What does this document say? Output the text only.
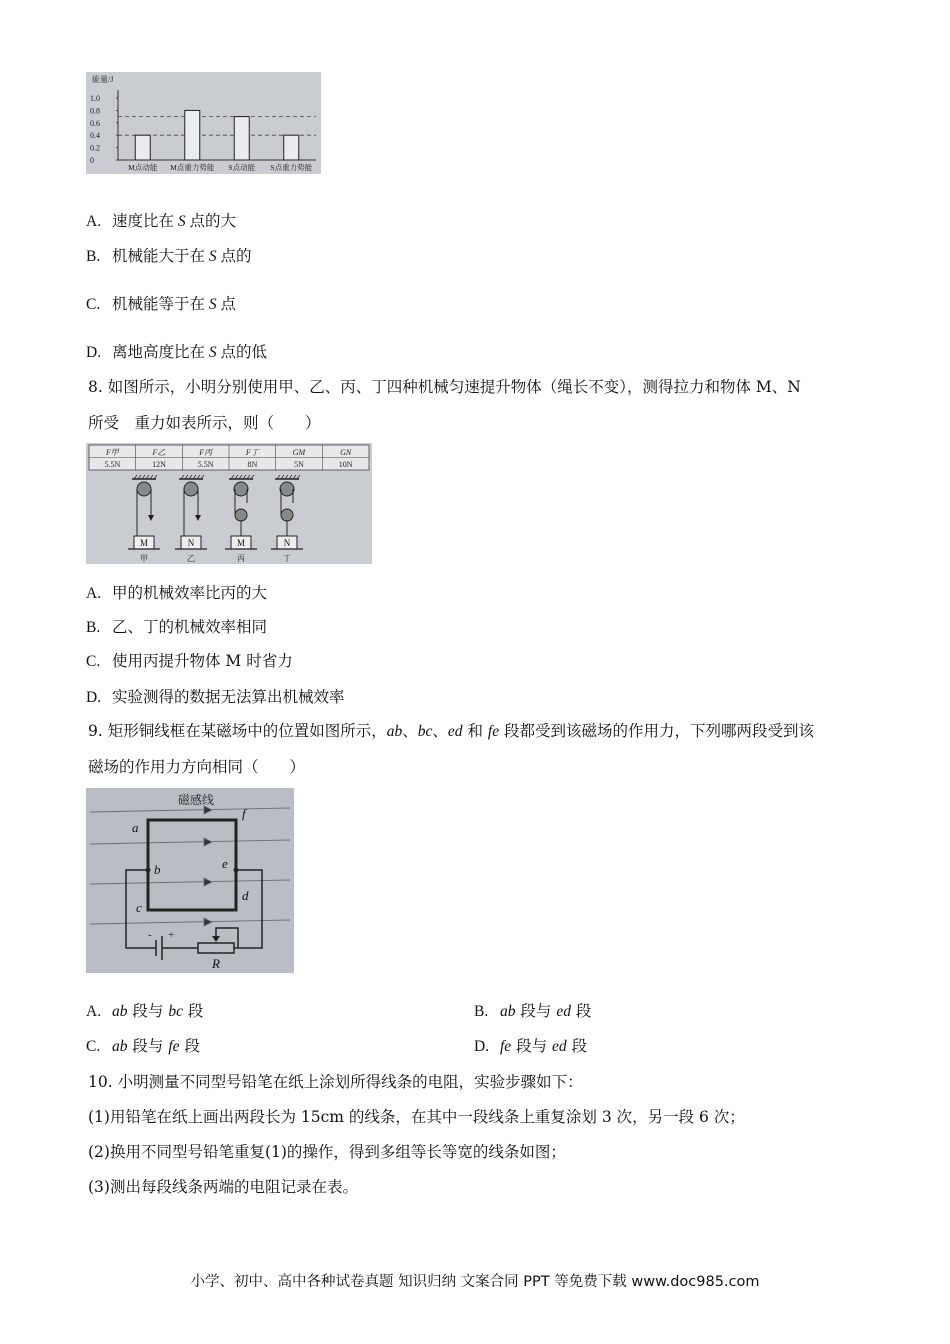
能量/J
1.0
0.8
0.6
0.4
0.2
0
M点动能 M点重力势能 S点动能 S点重力势能
A. 速度比在 S 点的大
B. 机械能大于在 S 点的
C. 机械能等于在 S 点
D. 离地高度比在 S 点的低
8. 如图所示，小明分别使用甲、乙、丙、丁四种机械匀速提升物体（绳长不变），测得拉力和物体 M、N
所受　重力如表所示，则（　　）
F甲
5.5N
F乙
12N
F丙
5.5N
F丁
8N
GM
5N
GN
10N
M
甲
N
乙
M
丙
N
丁
A. 甲的机械效率比丙的大
B. 乙、丁的机械效率相同
C. 使用丙提升物体 M 时省力
D. 实验测得的数据无法算出机械效率
9. 矩形铜线框在某磁场中的位置如图所示，ab、bc、ed 和 fe 段都受到该磁场的作用力，下列哪两段受到该
磁场的作用力方向相同（　　）
磁感线
- +
a
b
c
d
e
f
R
A. ab 段与 bc 段	B. ab 段与 ed 段
C. ab 段与 fe 段	D. fe 段与 ed 段
10. 小明测量不同型号铅笔在纸上涂划所得线条的电阻，实验步骤如下：
(1)用铅笔在纸上画出两段长为 15cm 的线条，在其中一段线条上重复涂划 3 次，另一段 6 次；
(2)换用不同型号铅笔重复(1)的操作，得到多组等长等宽的线条如图；
(3)测出每段线条两端的电阻记录在表。
小学、初中、高中各种试卷真题 知识归纳 文案合同 PPT 等免费下载 www.doc985.com
